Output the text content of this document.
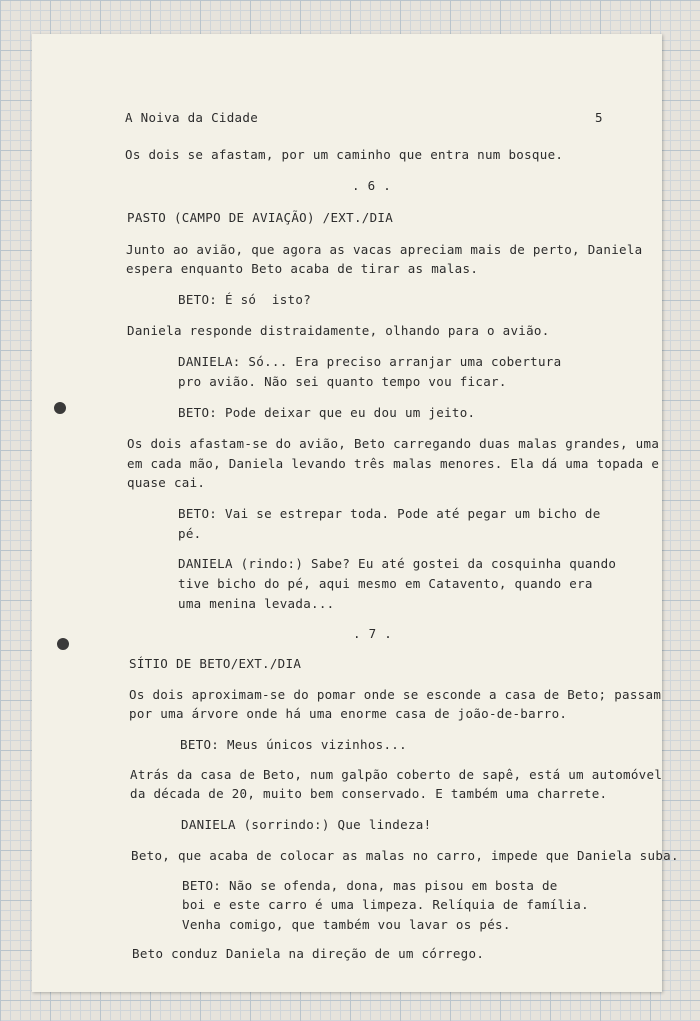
A Noiva da Cidade	5
Os dois se afastam, por um caminho que entra num bosque.
. 6 .
PASTO (CAMPO DE AVIAÇÃO) /EXT./DIA
Junto ao avião, que agora as vacas apreciam mais de perto, Daniela
espera enquanto Beto acaba de tirar as malas.
BETO: É só  isto?
Daniela responde distraidamente, olhando para o avião.
DANIELA: Só... Era preciso arranjar uma cobertura
pro avião. Não sei quanto tempo vou ficar.
BETO: Pode deixar que eu dou um jeito.
Os dois afastam-se do avião, Beto carregando duas malas grandes, uma
em cada mão, Daniela levando três malas menores. Ela dá uma topada e
quase cai.
BETO: Vai se estrepar toda. Pode até pegar um bicho de
pé.
DANIELA (rindo:) Sabe? Eu até gostei da cosquinha quando
tive bicho do pé, aqui mesmo em Catavento, quando era
uma menina levada...
. 7 .
SÍTIO DE BETO/EXT./DIA
Os dois aproximam-se do pomar onde se esconde a casa de Beto; passam
por uma árvore onde há uma enorme casa de joão-de-barro.
BETO: Meus únicos vizinhos...
Atrás da casa de Beto, num galpão coberto de sapê, está um automóvel
da década de 20, muito bem conservado. E também uma charrete.
DANIELA (sorrindo:) Que lindeza!
Beto, que acaba de colocar as malas no carro, impede que Daniela suba.
BETO: Não se ofenda, dona, mas pisou em bosta de
boi e este carro é uma limpeza. Relíquia de família.
Venha comigo, que também vou lavar os pés.
Beto conduz Daniela na direção de um córrego.
